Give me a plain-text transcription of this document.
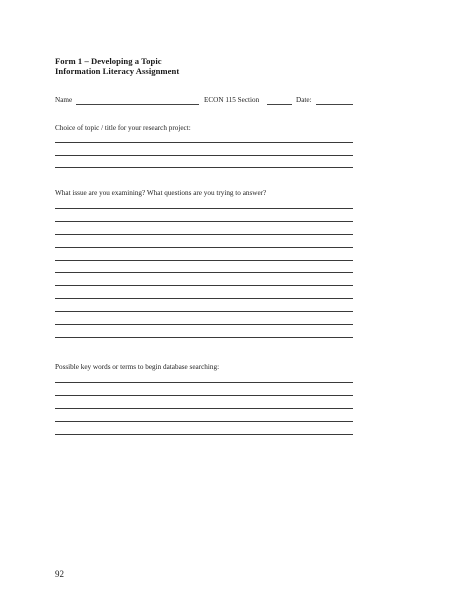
Form 1 – Developing a Topic
Information Literacy Assignment
Name	ECON 115 Section	Date:
Choice of topic / title for your research project:
What issue are you examining? What questions are you trying to answer?
Possible key words or terms to begin database searching:
92
